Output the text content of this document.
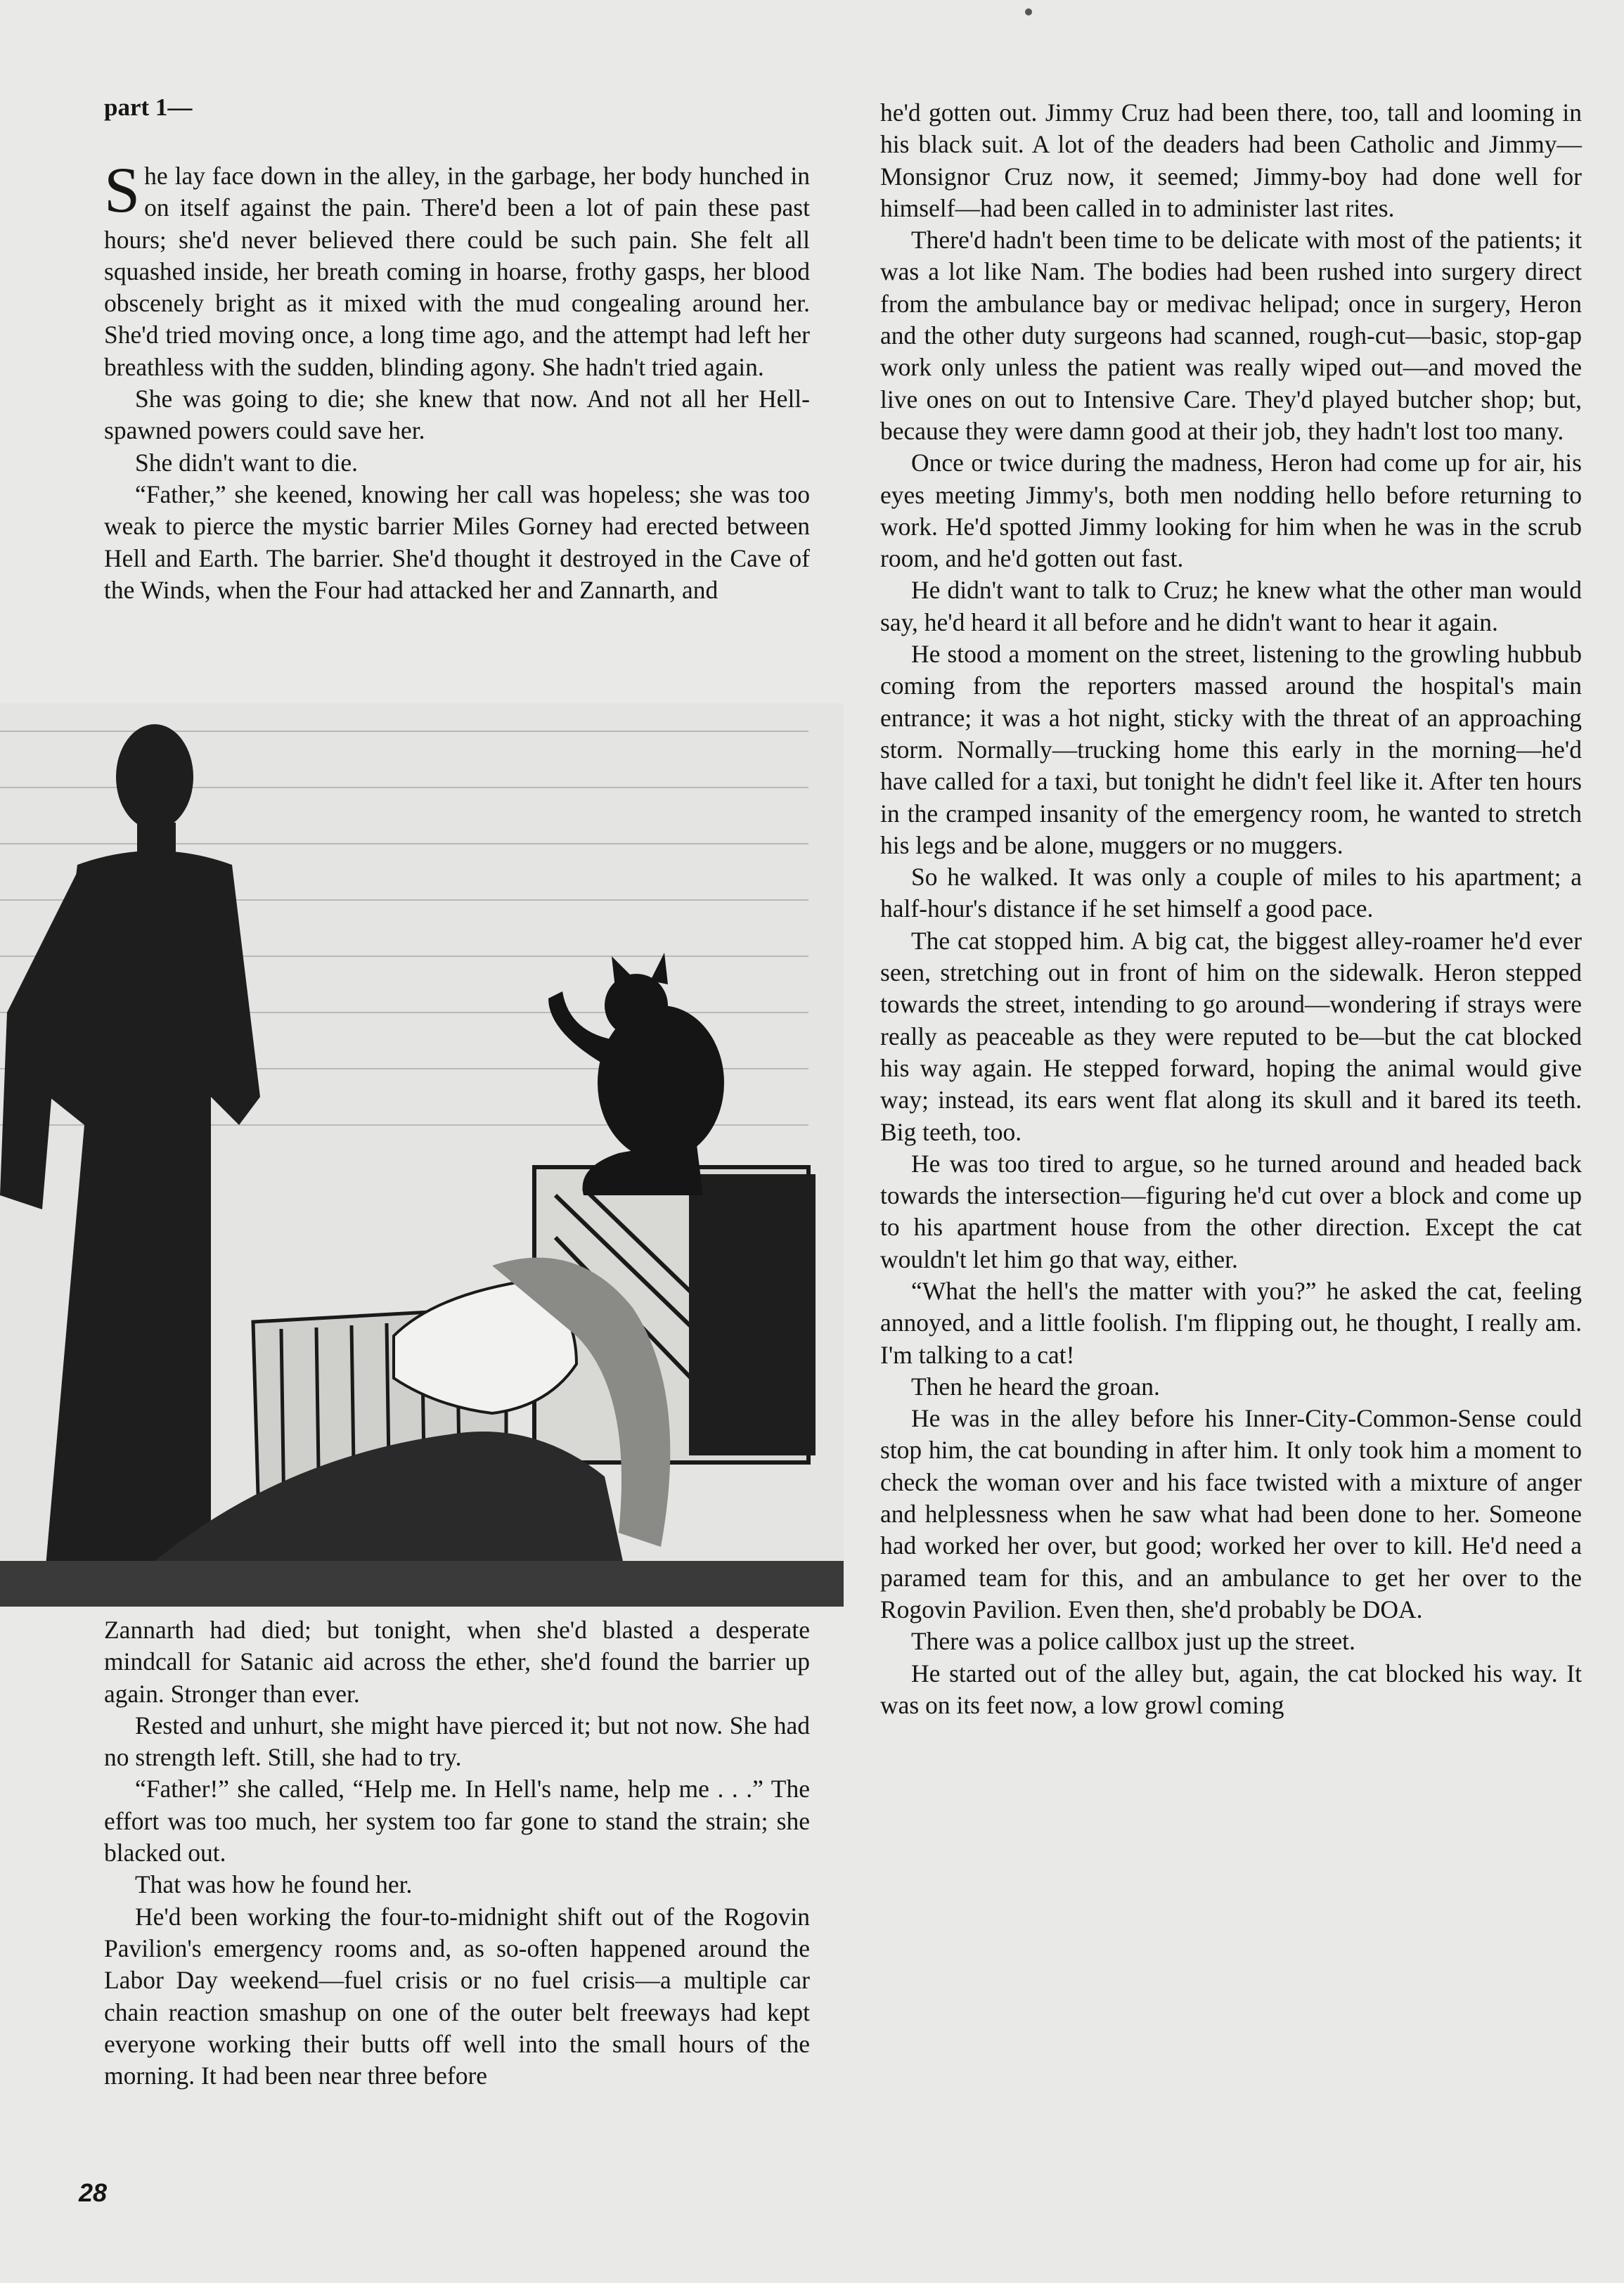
part 1—

She lay face down in the alley, in the garbage, her body hunched in on itself against the pain. There'd been a lot of pain these past hours; she'd never believed there could be such pain. She felt all squashed inside, her breath coming in hoarse, frothy gasps, her blood obscenely bright as it mixed with the mud congealing around her. She'd tried moving once, a long time ago, and the attempt had left her breathless with the sudden, blinding agony. She hadn't tried again.

She was going to die; she knew that now. And not all her Hell-spawned powers could save her.

She didn't want to die.

“Father,” she keened, knowing her call was hopeless; she was too weak to pierce the mystic barrier Miles Gorney had erected between Hell and Earth. The barrier. She'd thought it destroyed in the Cave of the Winds, when the Four had attacked her and Zannarth, and

Zannarth had died; but tonight, when she'd blasted a desperate mindcall for Satanic aid across the ether, she'd found the barrier up again. Stronger than ever.

Rested and unhurt, she might have pierced it; but not now. She had no strength left. Still, she had to try.

“Father!” she called, “Help me. In Hell's name, help me . . .” The effort was too much, her system too far gone to stand the strain; she blacked out.

That was how he found her.

He'd been working the four-to-midnight shift out of the Rogovin Pavilion's emergency rooms and, as so-often happened around the Labor Day weekend—fuel crisis or no fuel crisis—a multiple car chain reaction smashup on one of the outer belt freeways had kept everyone working their butts off well into the small hours of the morning. It had been near three before

he'd gotten out. Jimmy Cruz had been there, too, tall and looming in his black suit. A lot of the deaders had been Catholic and Jimmy—Monsignor Cruz now, it seemed; Jimmy-boy had done well for himself—had been called in to administer last rites.

There'd hadn't been time to be delicate with most of the patients; it was a lot like Nam. The bodies had been rushed into surgery direct from the ambulance bay or medivac helipad; once in surgery, Heron and the other duty surgeons had scanned, rough-cut—basic, stop-gap work only unless the patient was really wiped out—and moved the live ones on out to Intensive Care. They'd played butcher shop; but, because they were damn good at their job, they hadn't lost too many.

Once or twice during the madness, Heron had come up for air, his eyes meeting Jimmy's, both men nodding hello before returning to work. He'd spotted Jimmy looking for him when he was in the scrub room, and he'd gotten out fast.

He didn't want to talk to Cruz; he knew what the other man would say, he'd heard it all before and he didn't want to hear it again.

He stood a moment on the street, listening to the growling hubbub coming from the reporters massed around the hospital's main entrance; it was a hot night, sticky with the threat of an approaching storm. Normally—trucking home this early in the morning—he'd have called for a taxi, but tonight he didn't feel like it. After ten hours in the cramped insanity of the emergency room, he wanted to stretch his legs and be alone, muggers or no muggers.

So he walked. It was only a couple of miles to his apartment; a half-hour's distance if he set himself a good pace.

The cat stopped him. A big cat, the biggest alley-roamer he'd ever seen, stretching out in front of him on the sidewalk. Heron stepped towards the street, intending to go around—wondering if strays were really as peaceable as they were reputed to be—but the cat blocked his way again. He stepped forward, hoping the animal would give way; instead, its ears went flat along its skull and it bared its teeth. Big teeth, too.

He was too tired to argue, so he turned around and headed back towards the intersection—figuring he'd cut over a block and come up to his apartment house from the other direction. Except the cat wouldn't let him go that way, either.

“What the hell's the matter with you?” he asked the cat, feeling annoyed, and a little foolish. I'm flipping out, he thought, I really am. I'm talking to a cat!

Then he heard the groan.

He was in the alley before his Inner-City-Common-Sense could stop him, the cat bounding in after him. It only took him a moment to check the woman over and his face twisted with a mixture of anger and helplessness when he saw what had been done to her. Someone had worked her over, but good; worked her over to kill. He'd need a paramed team for this, and an ambulance to get her over to the Rogovin Pavilion. Even then, she'd probably be DOA.

There was a police callbox just up the street.

He started out of the alley but, again, the cat blocked his way. It was on its feet now, a low growl coming

28
